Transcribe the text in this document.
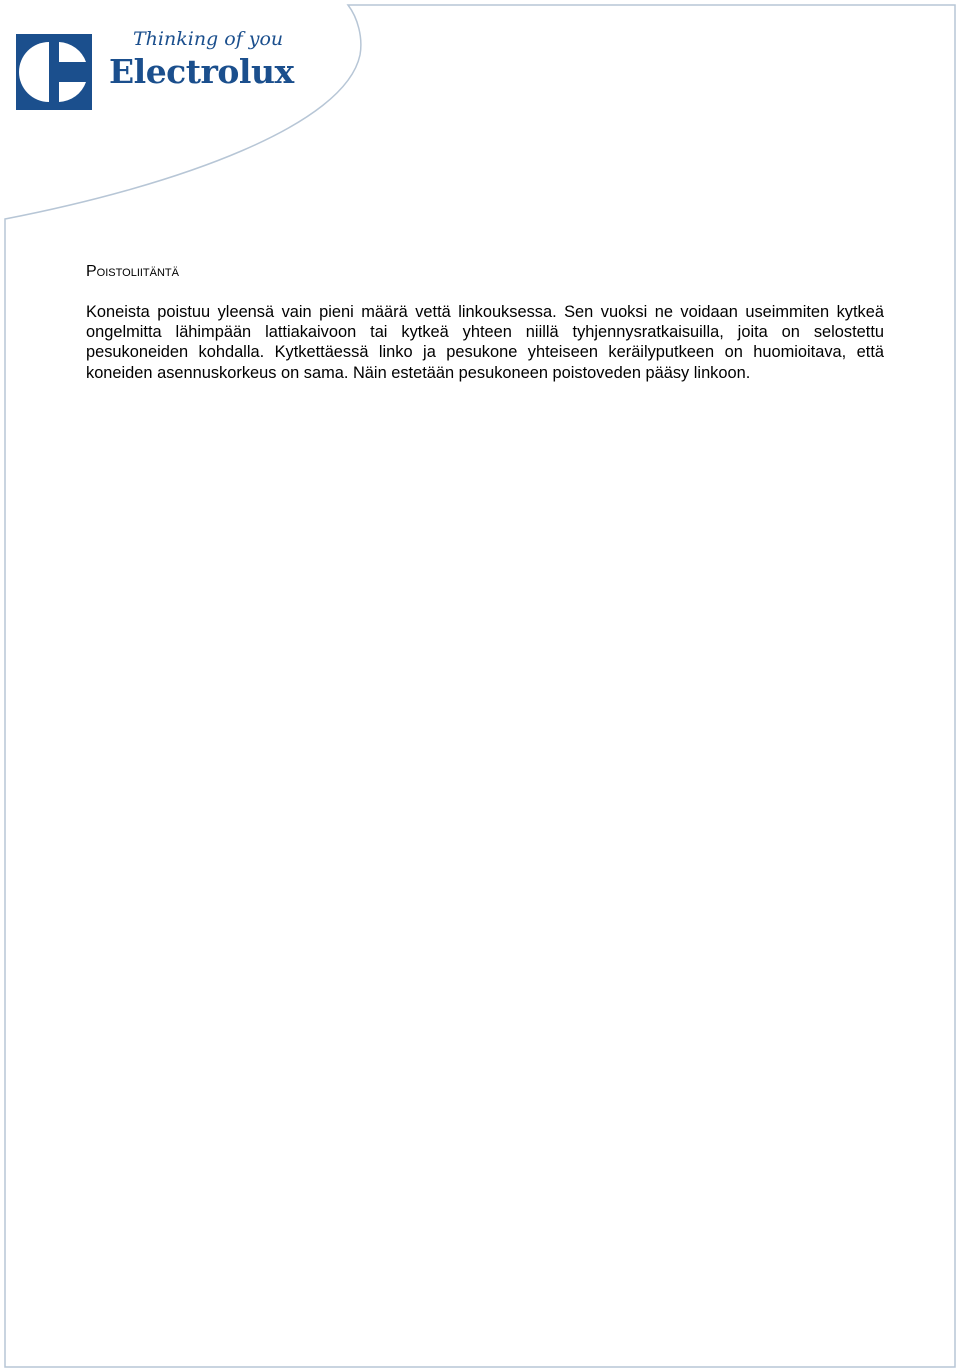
Thinking of you
Electrolux
Poistoliitäntä

Koneista poistuu yleensä vain pieni määrä vettä linkouksessa. Sen vuoksi ne voidaan useimmiten kytkeä ongelmitta lähimpään lattiakaivoon tai kytkeä yhteen niillä tyhjennysratkaisuilla, joita on selostettu pesukoneiden kohdalla. Kytkettäessä linko ja pesukone yhteiseen keräilyputkeen on huomioitava, että koneiden asennuskorkeus on sama. Näin estetään pesukoneen poistoveden pääsy linkoon.
